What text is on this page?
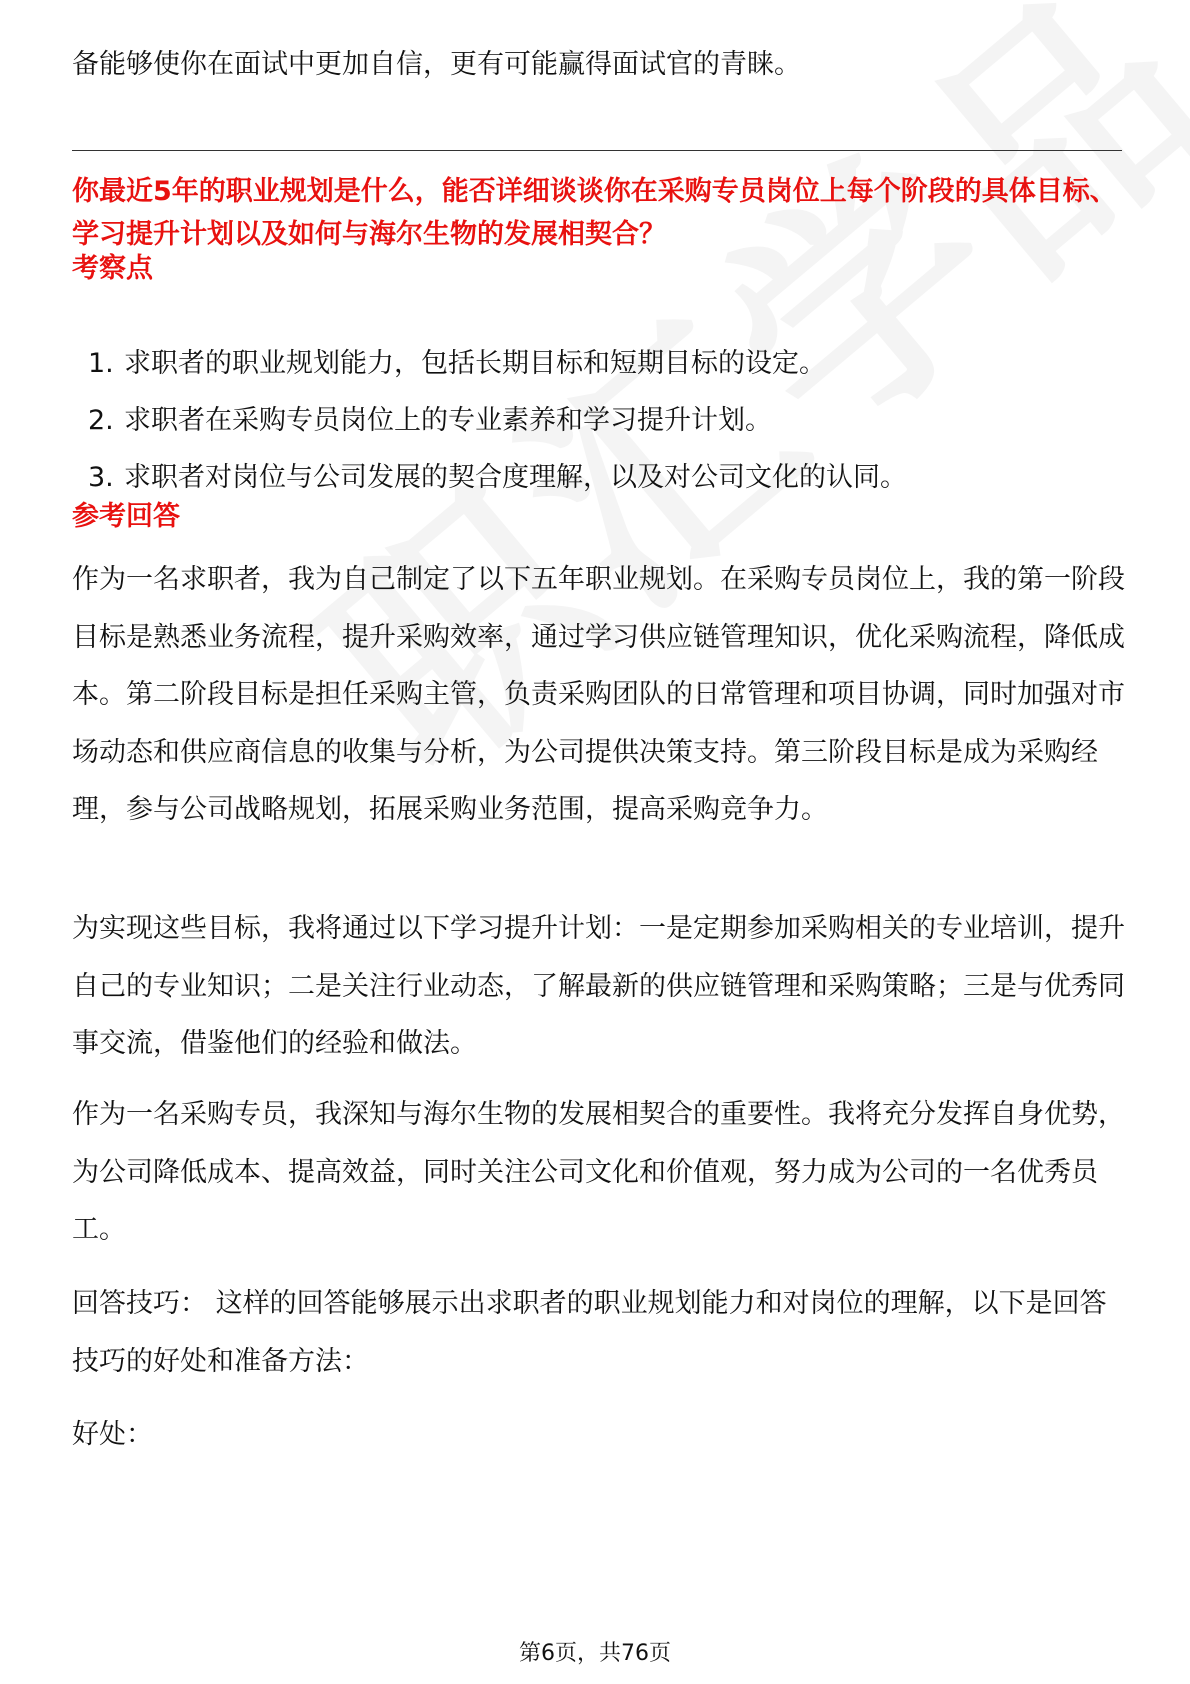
备能够使你在面试中更加自信，更有可能赢得面试官的青睐。
你最近5年的职业规划是什么，能否详细谈谈你在采购专员岗位上每个阶段的具体目标、学习提升计划以及如何与海尔生物的发展相契合？
考察点
1. 求职者的职业规划能力，包括长期目标和短期目标的设定。
2. 求职者在采购专员岗位上的专业素养和学习提升计划。
3. 求职者对岗位与公司发展的契合度理解，以及对公司文化的认同。
参考回答
作为一名求职者，我为自己制定了以下五年职业规划。在采购专员岗位上，我的第一阶段目标是熟悉业务流程，提升采购效率，通过学习供应链管理知识，优化采购流程，降低成本。第二阶段目标是担任采购主管，负责采购团队的日常管理和项目协调，同时加强对市场动态和供应商信息的收集与分析，为公司提供决策支持。第三阶段目标是成为采购经理，参与公司战略规划，拓展采购业务范围，提高采购竞争力。
为实现这些目标，我将通过以下学习提升计划：一是定期参加采购相关的专业培训，提升自己的专业知识；二是关注行业动态，了解最新的供应链管理和采购策略；三是与优秀同事交流，借鉴他们的经验和做法。
作为一名采购专员，我深知与海尔生物的发展相契合的重要性。我将充分发挥自身优势，为公司降低成本、提高效益，同时关注公司文化和价值观，努力成为公司的一名优秀员工。
回答技巧： 这样的回答能够展示出求职者的职业规划能力和对岗位的理解，以下是回答技巧的好处和准备方法：
好处：
第6页，共76页
